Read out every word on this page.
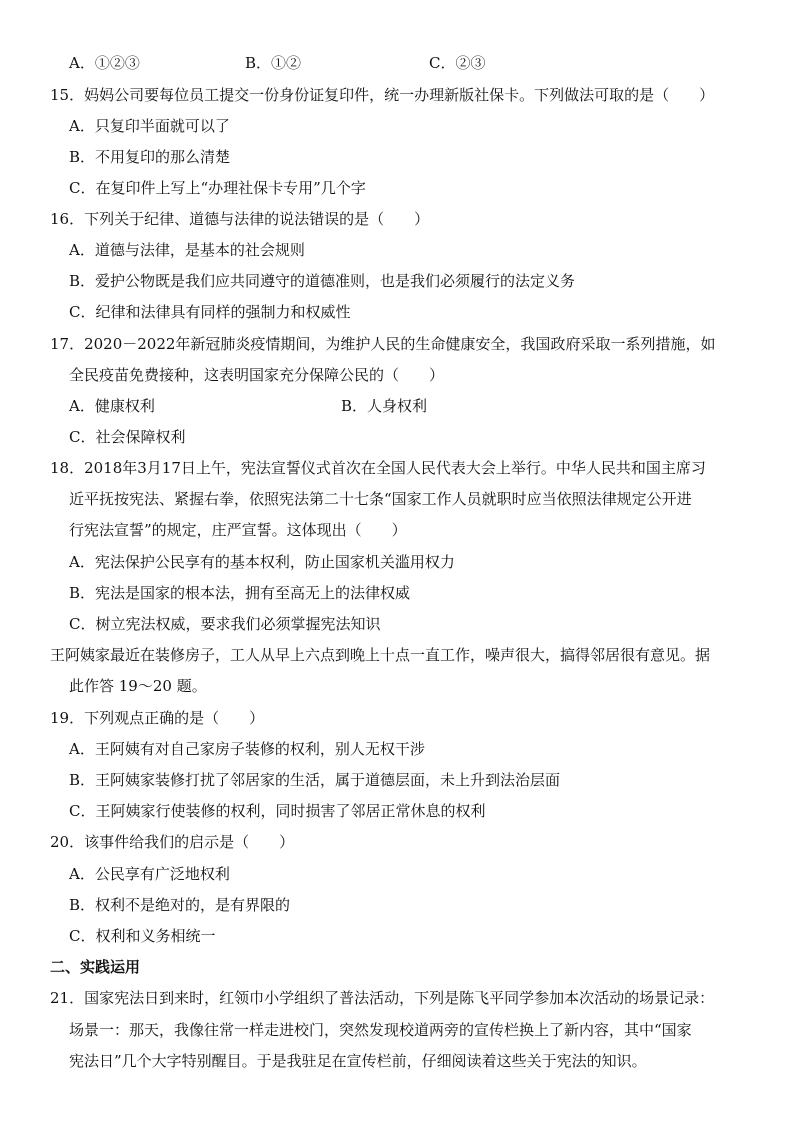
A．①②③	B．①②	C．②③
15．妈妈公司要每位员工提交一份身份证复印件，统一办理新版社保卡。下列做法可取的是（　　）
A．只复印半面就可以了
B．不用复印的那么清楚
C．在复印件上写上“办理社保卡专用”几个字
16．下列关于纪律、道德与法律的说法错误的是（　　）
A．道德与法律，是基本的社会规则
B．爱护公物既是我们应共同遵守的道德准则，也是我们必须履行的法定义务
C．纪律和法律具有同样的强制力和权威性
17．2020－2022年新冠肺炎疫情期间，为维护人民的生命健康安全，我国政府采取一系列措施，如
全民疫苗免费接种，这表明国家充分保障公民的（　　）
A．健康权利	B．人身权利
C．社会保障权利
18．2018年3月17日上午，宪法宣誓仪式首次在全国人民代表大会上举行。中华人民共和国主席习
近平抚按宪法、紧握右拳，依照宪法第二十七条“国家工作人员就职时应当依照法律规定公开进
行宪法宣誓”的规定，庄严宣誓。这体现出（　　）
A．宪法保护公民享有的基本权利，防止国家机关滥用权力
B．宪法是国家的根本法，拥有至高无上的法律权威
C．树立宪法权威，要求我们必须掌握宪法知识
王阿姨家最近在装修房子，工人从早上六点到晚上十点一直工作，噪声很大，搞得邻居很有意见。据
此作答 19～20 题。
19．下列观点正确的是（　　）
A．王阿姨有对自己家房子装修的权利，别人无权干涉
B．王阿姨家装修打扰了邻居家的生活，属于道德层面，未上升到法治层面
C．王阿姨家行使装修的权利，同时损害了邻居正常休息的权利
20．该事件给我们的启示是（　　）
A．公民享有广泛地权利
B．权利不是绝对的，是有界限的
C．权利和义务相统一
二、实践运用
21．国家宪法日到来时，红领巾小学组织了普法活动，下列是陈飞平同学参加本次活动的场景记录：
场景一：那天，我像往常一样走进校门，突然发现校道两旁的宣传栏换上了新内容，其中“国家
宪法日”几个大字特别醒目。于是我驻足在宣传栏前，仔细阅读着这些关于宪法的知识。
